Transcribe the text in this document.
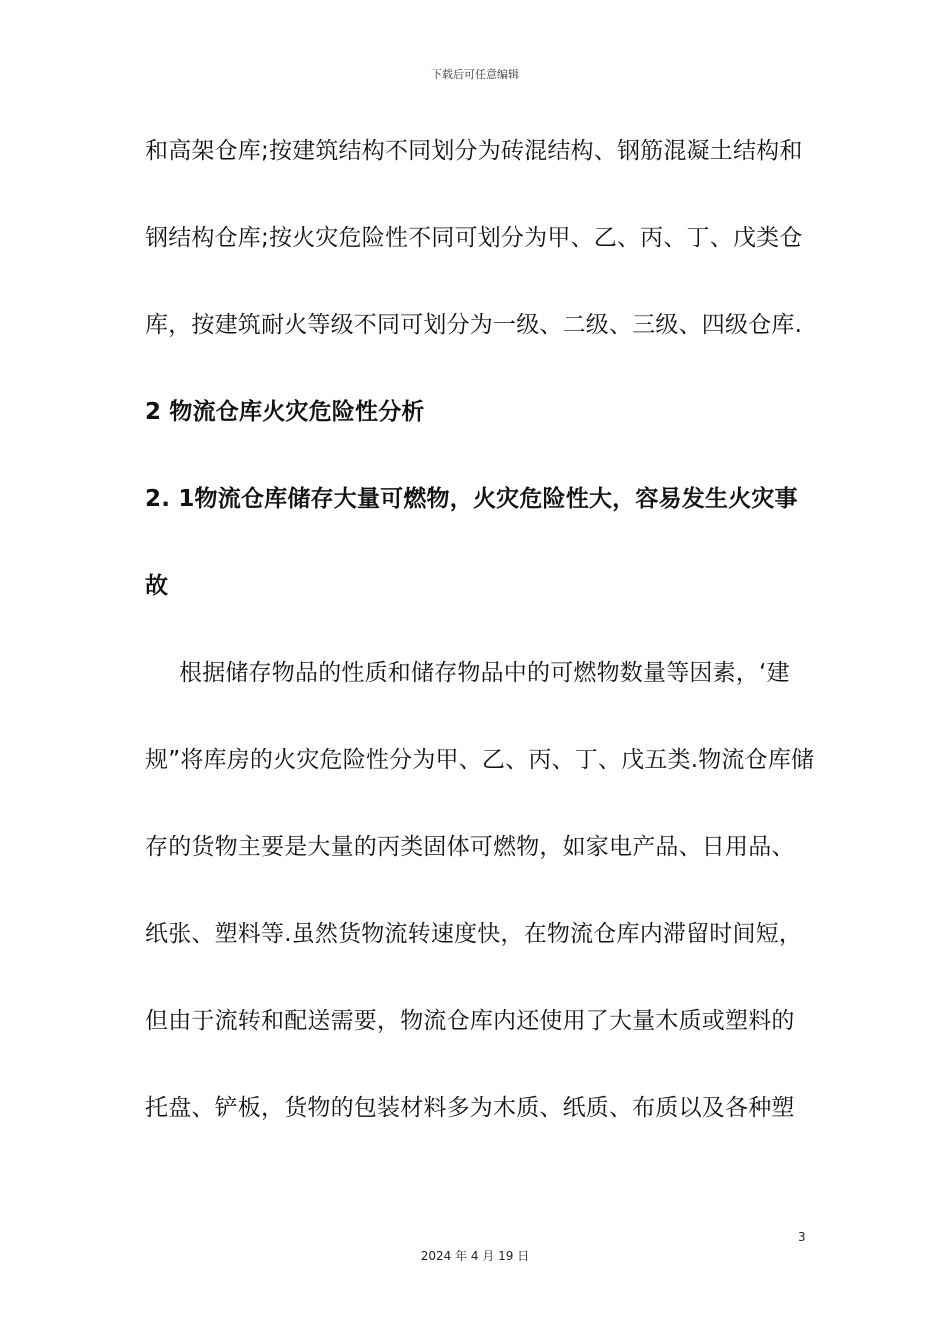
下载后可任意编辑
和高架仓库;按建筑结构不同划分为砖混结构、钢筋混凝土结构和
钢结构仓库;按火灾危险性不同可划分为甲、乙、丙、丁、戊类仓
库，按建筑耐火等级不同可划分为一级、二级、三级、四级仓库.
2 物流仓库火灾危险性分析
2. 1物流仓库储存大量可燃物，火灾危险性大，容易发生火灾事
故
根据储存物品的性质和储存物品中的可燃物数量等因素，‘建
规”将库房的火灾危险性分为甲、乙、丙、丁、戊五类.物流仓库储
存的货物主要是大量的丙类固体可燃物，如家电产品、日用品、
纸张、塑料等.虽然货物流转速度快，在物流仓库内滞留时间短，
但由于流转和配送需要，物流仓库内还使用了大量木质或塑料的
托盘、铲板，货物的包装材料多为木质、纸质、布质以及各种塑
3
2024 年 4 月 19 日
